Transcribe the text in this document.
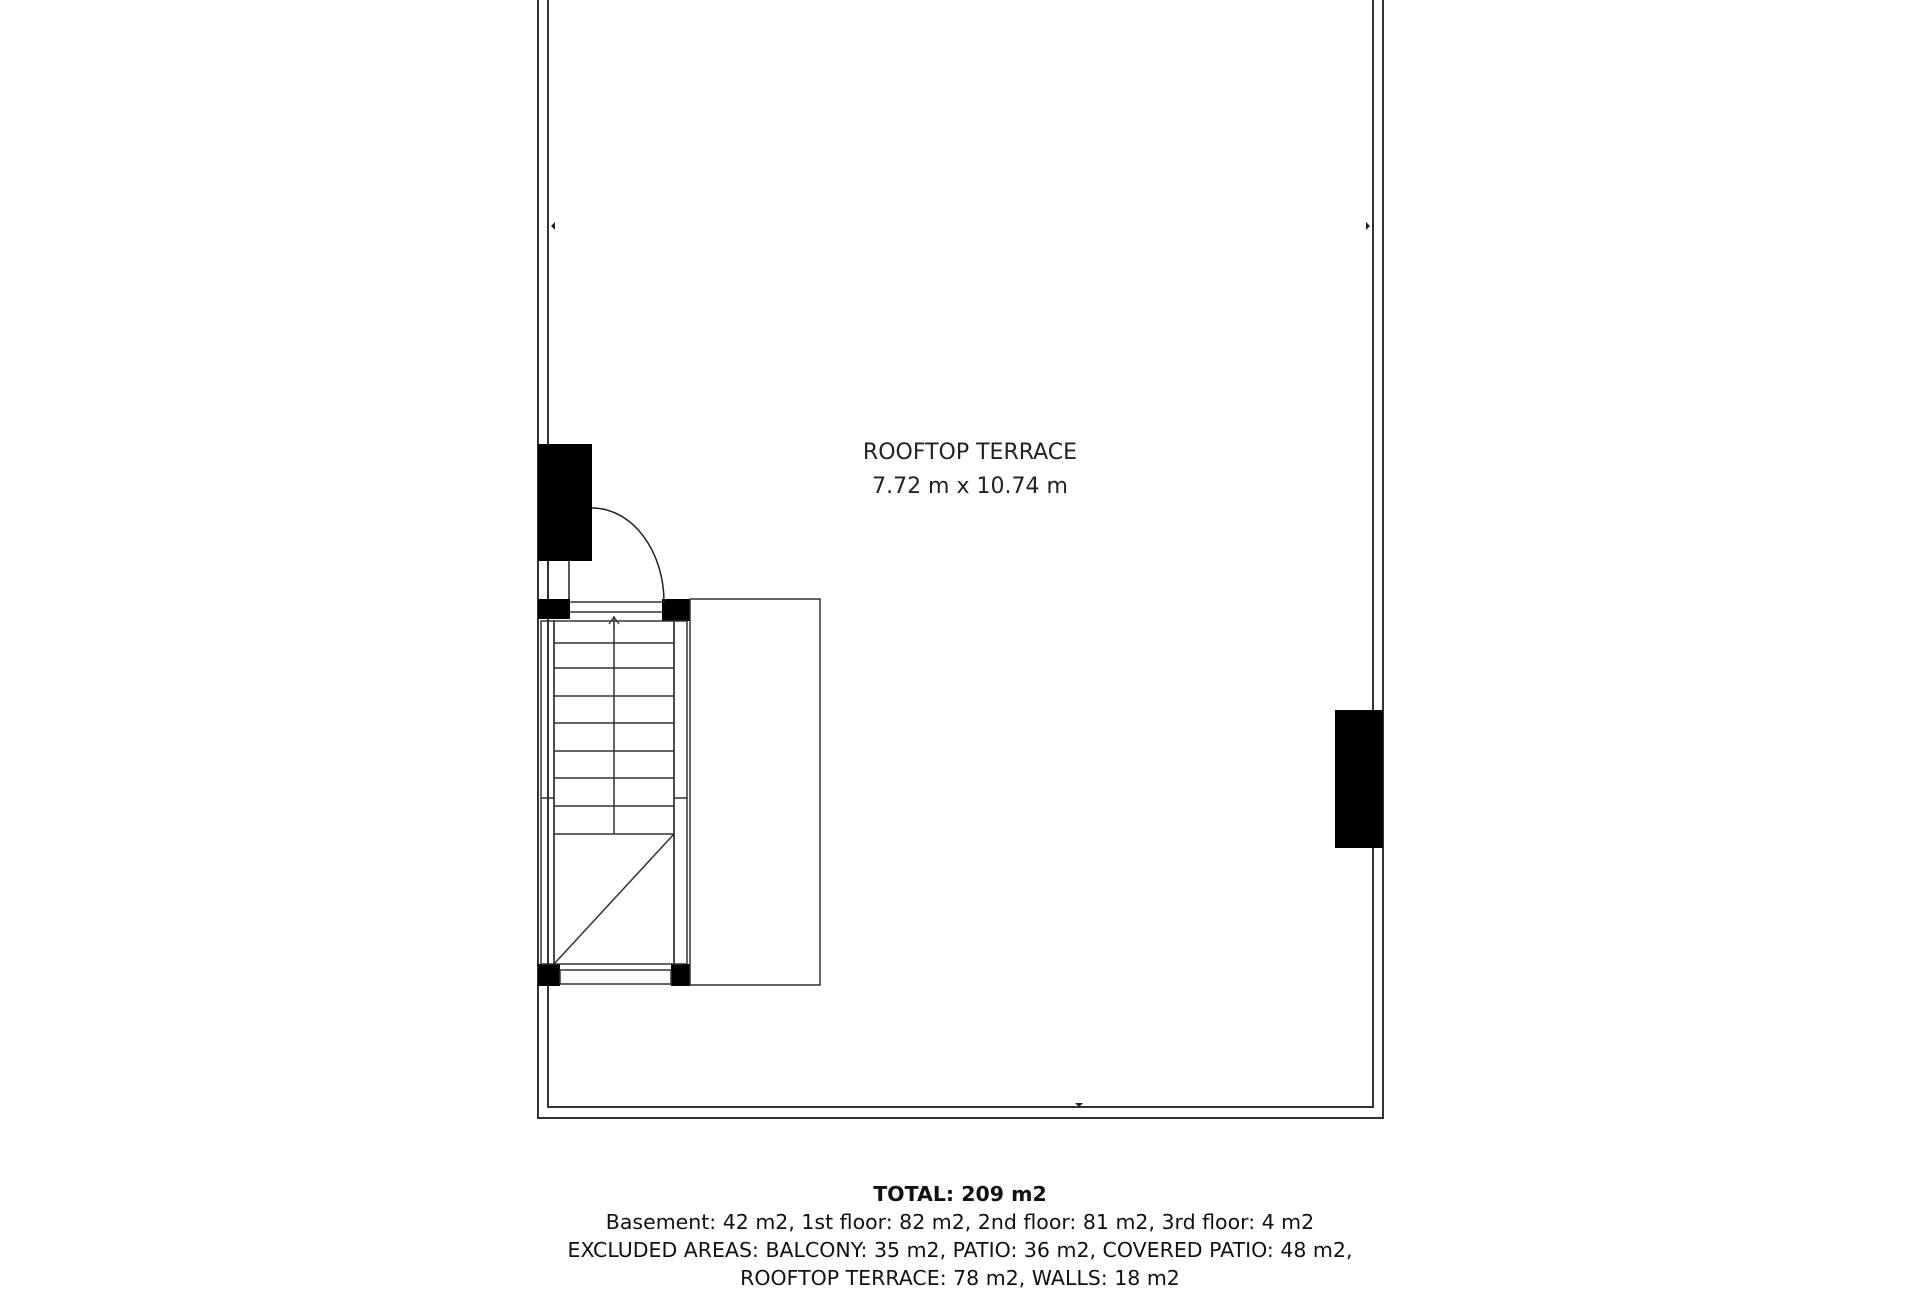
ROOFTOP TERRACE
7.72 m x 10.74 m
TOTAL: 209 m2
Basement: 42 m2, 1st floor: 82 m2, 2nd floor: 81 m2, 3rd floor: 4 m2
EXCLUDED AREAS: BALCONY: 35 m2, PATIO: 36 m2, COVERED PATIO: 48 m2,
ROOFTOP TERRACE: 78 m2, WALLS: 18 m2
